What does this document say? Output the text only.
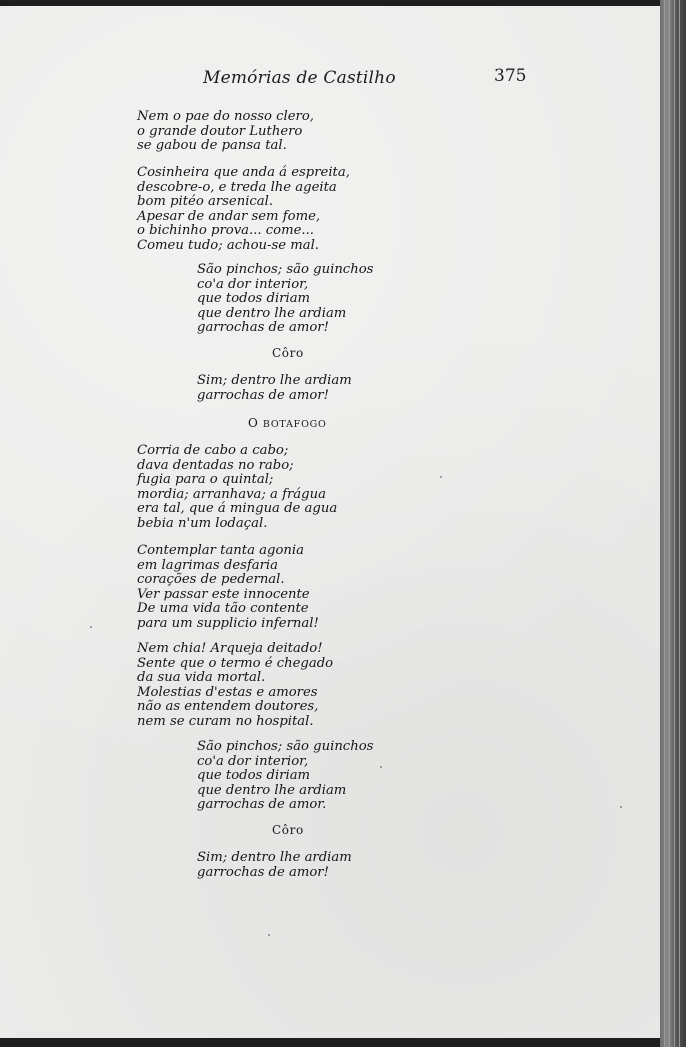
Memórias de Castilho	375
Nem o pae do nosso clero,
o grande doutor Luthero
se gabou de pansa tal.
Cosinheira que anda á espreita,
descobre-o, e treda lhe ageita
bom pitéo arsenical.
Apesar de andar sem fome,
o bichinho prova... come...
Comeu tudo; achou-se mal.
São pinchos; são guinchos
co'a dor interior,
que todos diriam
que dentro lhe ardiam
garrochas de amor!
Côro
Sim; dentro lhe ardiam
garrochas de amor!
O BOTAFOGO
Corria de cabo a cabo;
dava dentadas no rabo;
fugia para o quintal;
mordia; arranhava; a frágua
era tal, que á mingua de agua
bebia n'um lodaçal.
Contemplar tanta agonia
em lagrimas desfaria
corações de pedernal.
Ver passar este innocente
De uma vida tão contente
para um supplicio infernal!
Nem chia! Arqueja deitado!
Sente que o termo é chegado
da sua vida mortal.
Molestias d'estas e amores
não as entendem doutores,
nem se curam no hospital.
São pinchos; são guinchos
co'a dor interior,
que todos diriam
que dentro lhe ardiam
garrochas de amor.
Côro
Sim; dentro lhe ardiam
garrochas de amor!
